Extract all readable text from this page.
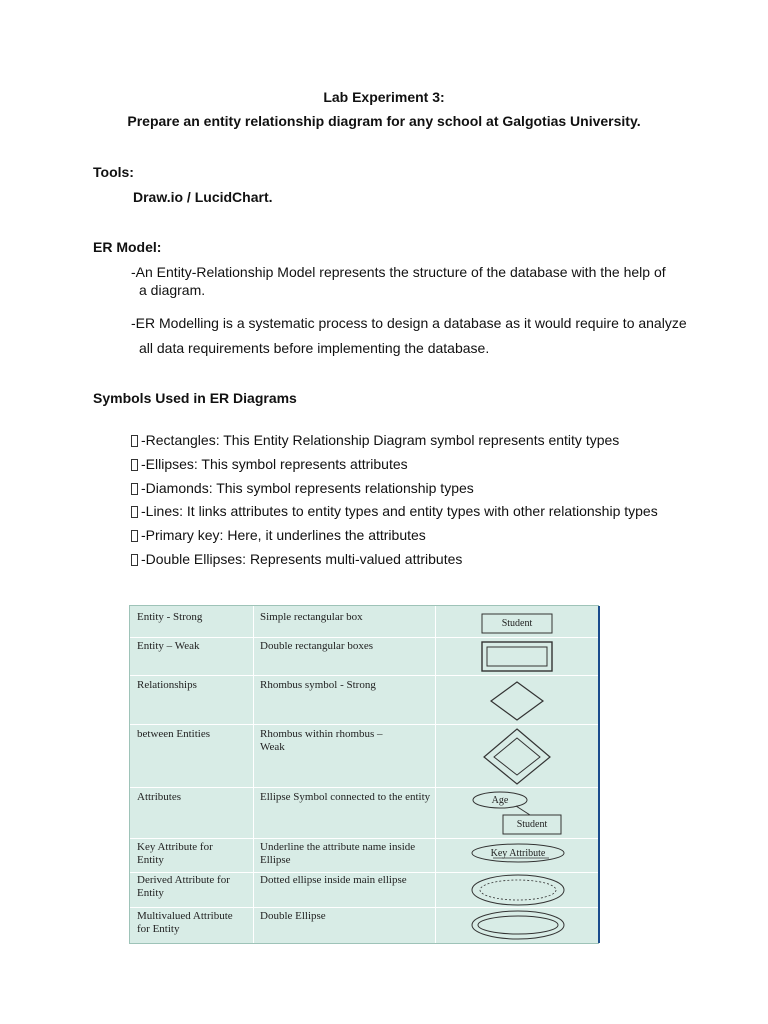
Lab Experiment 3:
Prepare an entity relationship diagram for any school at Galgotias University.
Tools:
Draw.io / LucidChart.
ER Model:
-An Entity-Relationship Model represents the structure of the database with the help of
a diagram.
-ER Modelling is a systematic process to design a database as it would require to analyze
all data requirements before implementing the database.
Symbols Used in ER Diagrams
-Rectangles: This Entity Relationship Diagram symbol represents entity types
-Ellipses: This symbol represents attributes
-Diamonds: This symbol represents relationship types
-Lines: It links attributes to entity types and entity types with other relationship types
-Primary key: Here, it underlines the attributes
-Double Ellipses: Represents multi-valued attributes
Entity - Strong
Entity – Weak
Relationships
between Entities
Attributes
Key Attribute for Entity
Derived Attribute for Entity
Multivalued Attribute for Entity
Simple rectangular box
Double rectangular boxes
Rhombus symbol - Strong
Rhombus within rhombus – Weak
Ellipse Symbol connected to the entity
Underline the attribute name inside Ellipse
Dotted ellipse inside main ellipse
Double Ellipse
Student
Age
Student
Key Attribute
